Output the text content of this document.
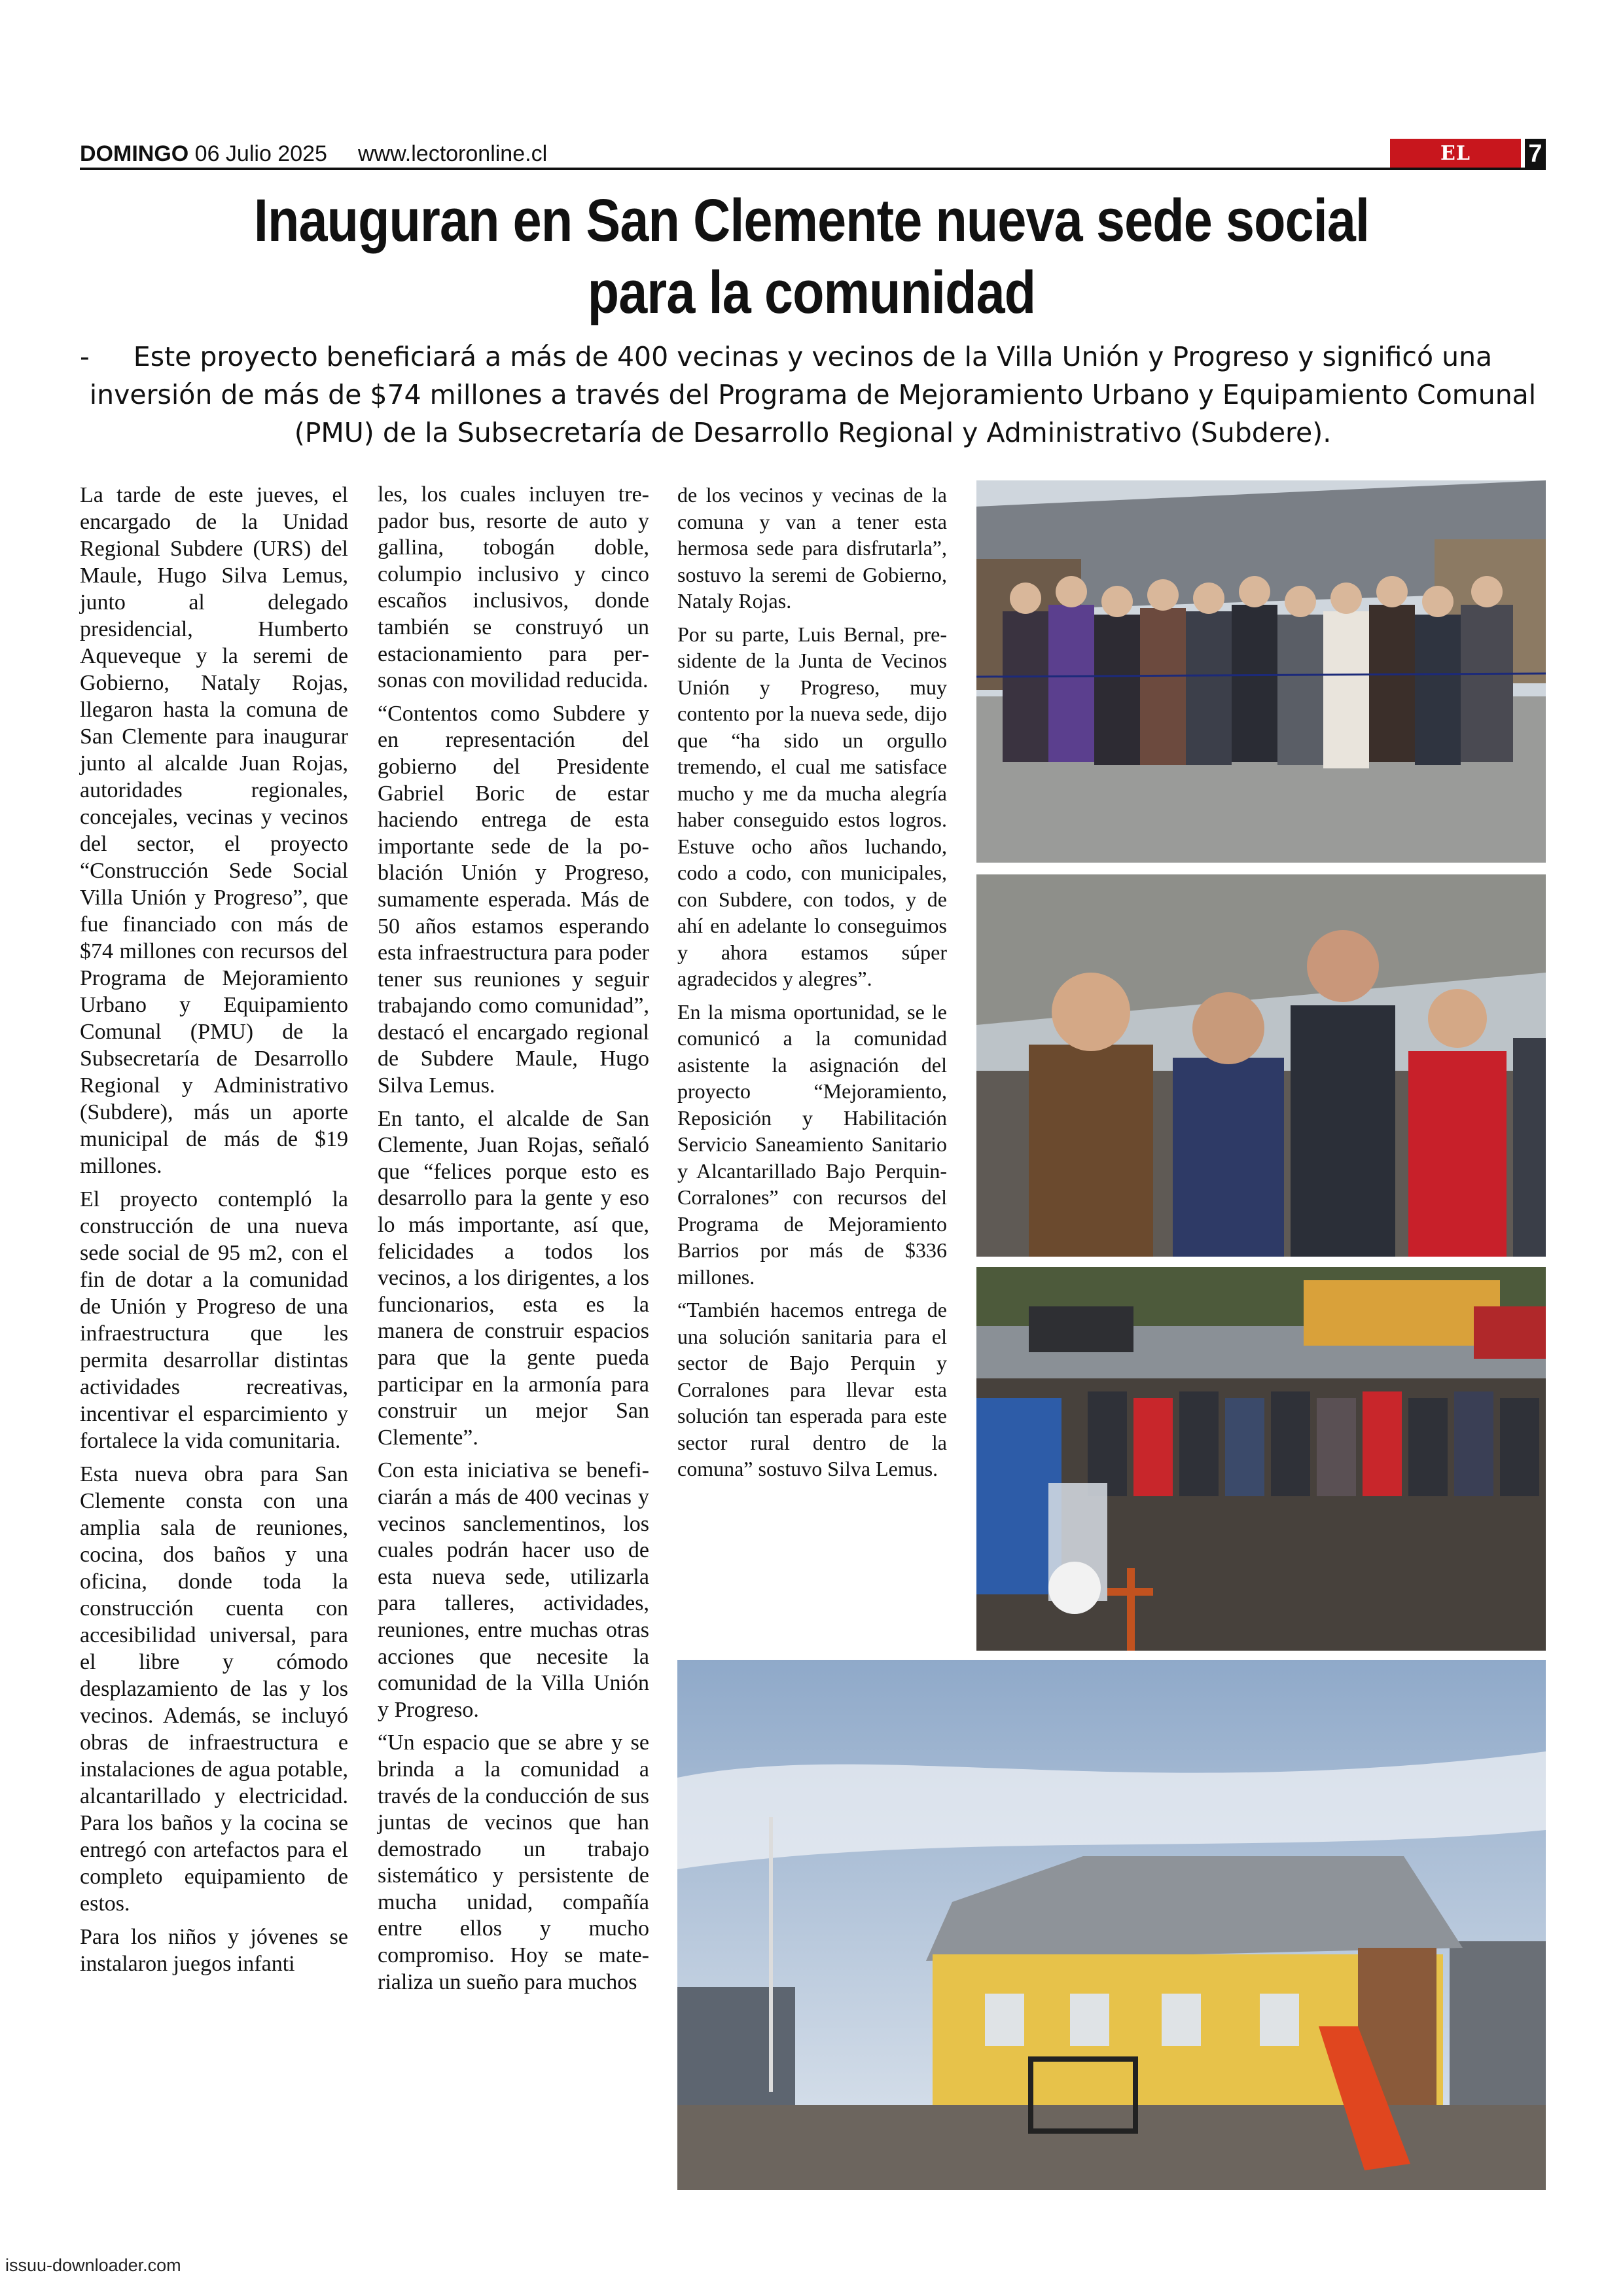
DOMINGO 06 Julio 2025 www.lectoronline.cl	EL LECTOR
7
Inauguran en San Clemente nueva sede social
para la comunidad
- Este proyecto beneficiará a más de 400 vecinas y vecinos de la Villa Unión y Progreso y significó una inversión de más de $74 millones a través del Programa de Mejoramiento Urbano y Equipamiento Comunal (PMU) de la Subsecretaría de Desarrollo Regional y Administrativo (Subdere).

La tarde de este jueves, el encargado de la Unidad Regional Subdere (URS) del Maule, Hugo Silva Lemus, junto al delegado presidencial, Humberto Aqueveque y la seremi de Gobierno, Nataly Rojas, llegaron hasta la comuna de San Clemente para inaugurar junto al alcalde Juan Rojas, autoridades regionales, concejales, vecinas y vecinos del sector, el proyecto “Construcción Sede Social Villa Unión y Progreso”, que fue financiado con más de $74 millones con recursos del Programa de Mejoramiento Urbano y Equipamiento Comunal (PMU) de la Subsecretaría de Desarrollo Regional y Administrativo (Subdere), más un aporte municipal de más de $19 millones.

El proyecto contempló la construcción de una nueva sede social de 95 m2, con el fin de dotar a la comunidad de Unión y Progreso de una infraestructura que les permita desarrollar distintas actividades recreativas, incentivar el esparcimiento y fortalece la vida comunitaria.

Esta nueva obra para San Clemente consta con una amplia sala de reuniones, cocina, dos baños y una oficina, donde toda la construcción cuenta con accesibilidad universal, para el libre y cómodo desplazamiento de las y los vecinos. Además, se incluyó obras de infraestructura e instalaciones de agua potable, alcantarillado y electricidad. Para los baños y la cocina se entregó con artefactos para el completo equipamiento de estos.

Para los niños y jóvenes se instalaron juegos infanti

les, los cuales incluyen trepador bus, resorte de auto y gallina, tobogán doble, columpio inclusivo y cinco escaños inclusivos, donde también se construyó un estacionamiento para personas con movilidad reducida.

“Contentos como Subdere y en representación del gobierno del Presidente Gabriel Boric de estar haciendo entrega de esta importante sede de la población Unión y Progreso, sumamente esperada. Más de 50 años estamos esperando esta infraestructura para poder tener sus reuniones y seguir trabajando como comunidad”, destacó el encargado regional de Subdere Maule, Hugo Silva Lemus.

En tanto, el alcalde de San Clemente, Juan Rojas, señaló que “felices porque esto es desarrollo para la gente y eso lo más importante, así que, felicidades a todos los vecinos, a los dirigentes, a los funcionarios, esta es la manera de construir espacios para que la gente pueda participar en la armonía para construir un mejor San Clemente”.

Con esta iniciativa se beneficiarán a más de 400 vecinas y vecinos sanclementinos, los cuales podrán hacer uso de esta nueva sede, utilizarla para talleres, actividades, reuniones, entre muchas otras acciones que necesite la comunidad de la Villa Unión y Progreso.

“Un espacio que se abre y se brinda a la comunidad a través de la conducción de sus juntas de vecinos que han demostrado un trabajo sistemático y persistente de mucha unidad, compañía entre ellos y mucho compromiso. Hoy se materializa un sueño para muchos

de los vecinos y vecinas de la comuna y van a tener esta hermosa sede para disfrutarla”, sostuvo la seremi de Gobierno, Nataly Rojas.

Por su parte, Luis Bernal, presidente de la Junta de Vecinos Unión y Progreso, muy contento por la nueva sede, dijo que “ha sido un orgullo tremendo, el cual me satisface mucho y me da mucha alegría haber conseguido estos logros. Estuve ocho años luchando, codo a codo, con municipales, con Subdere, con todos, y de ahí en adelante lo conseguimos y ahora estamos súper agradecidos y alegres”.

En la misma oportunidad, se le comunicó a la comunidad asistente la asignación del proyecto “Mejoramiento, Reposición y Habilitación Servicio Saneamiento Sanitario y Alcantarillado Bajo Perquin-Corralones” con recursos del Programa de Mejoramiento Barrios por más de $336 millones.

“También hacemos entrega de una solución sanitaria para el sector de Bajo Perquin y Corralones para llevar esta solución tan esperada para este sector rural dentro de la comuna” sostuvo Silva Lemus.

issuu-downloader.com
